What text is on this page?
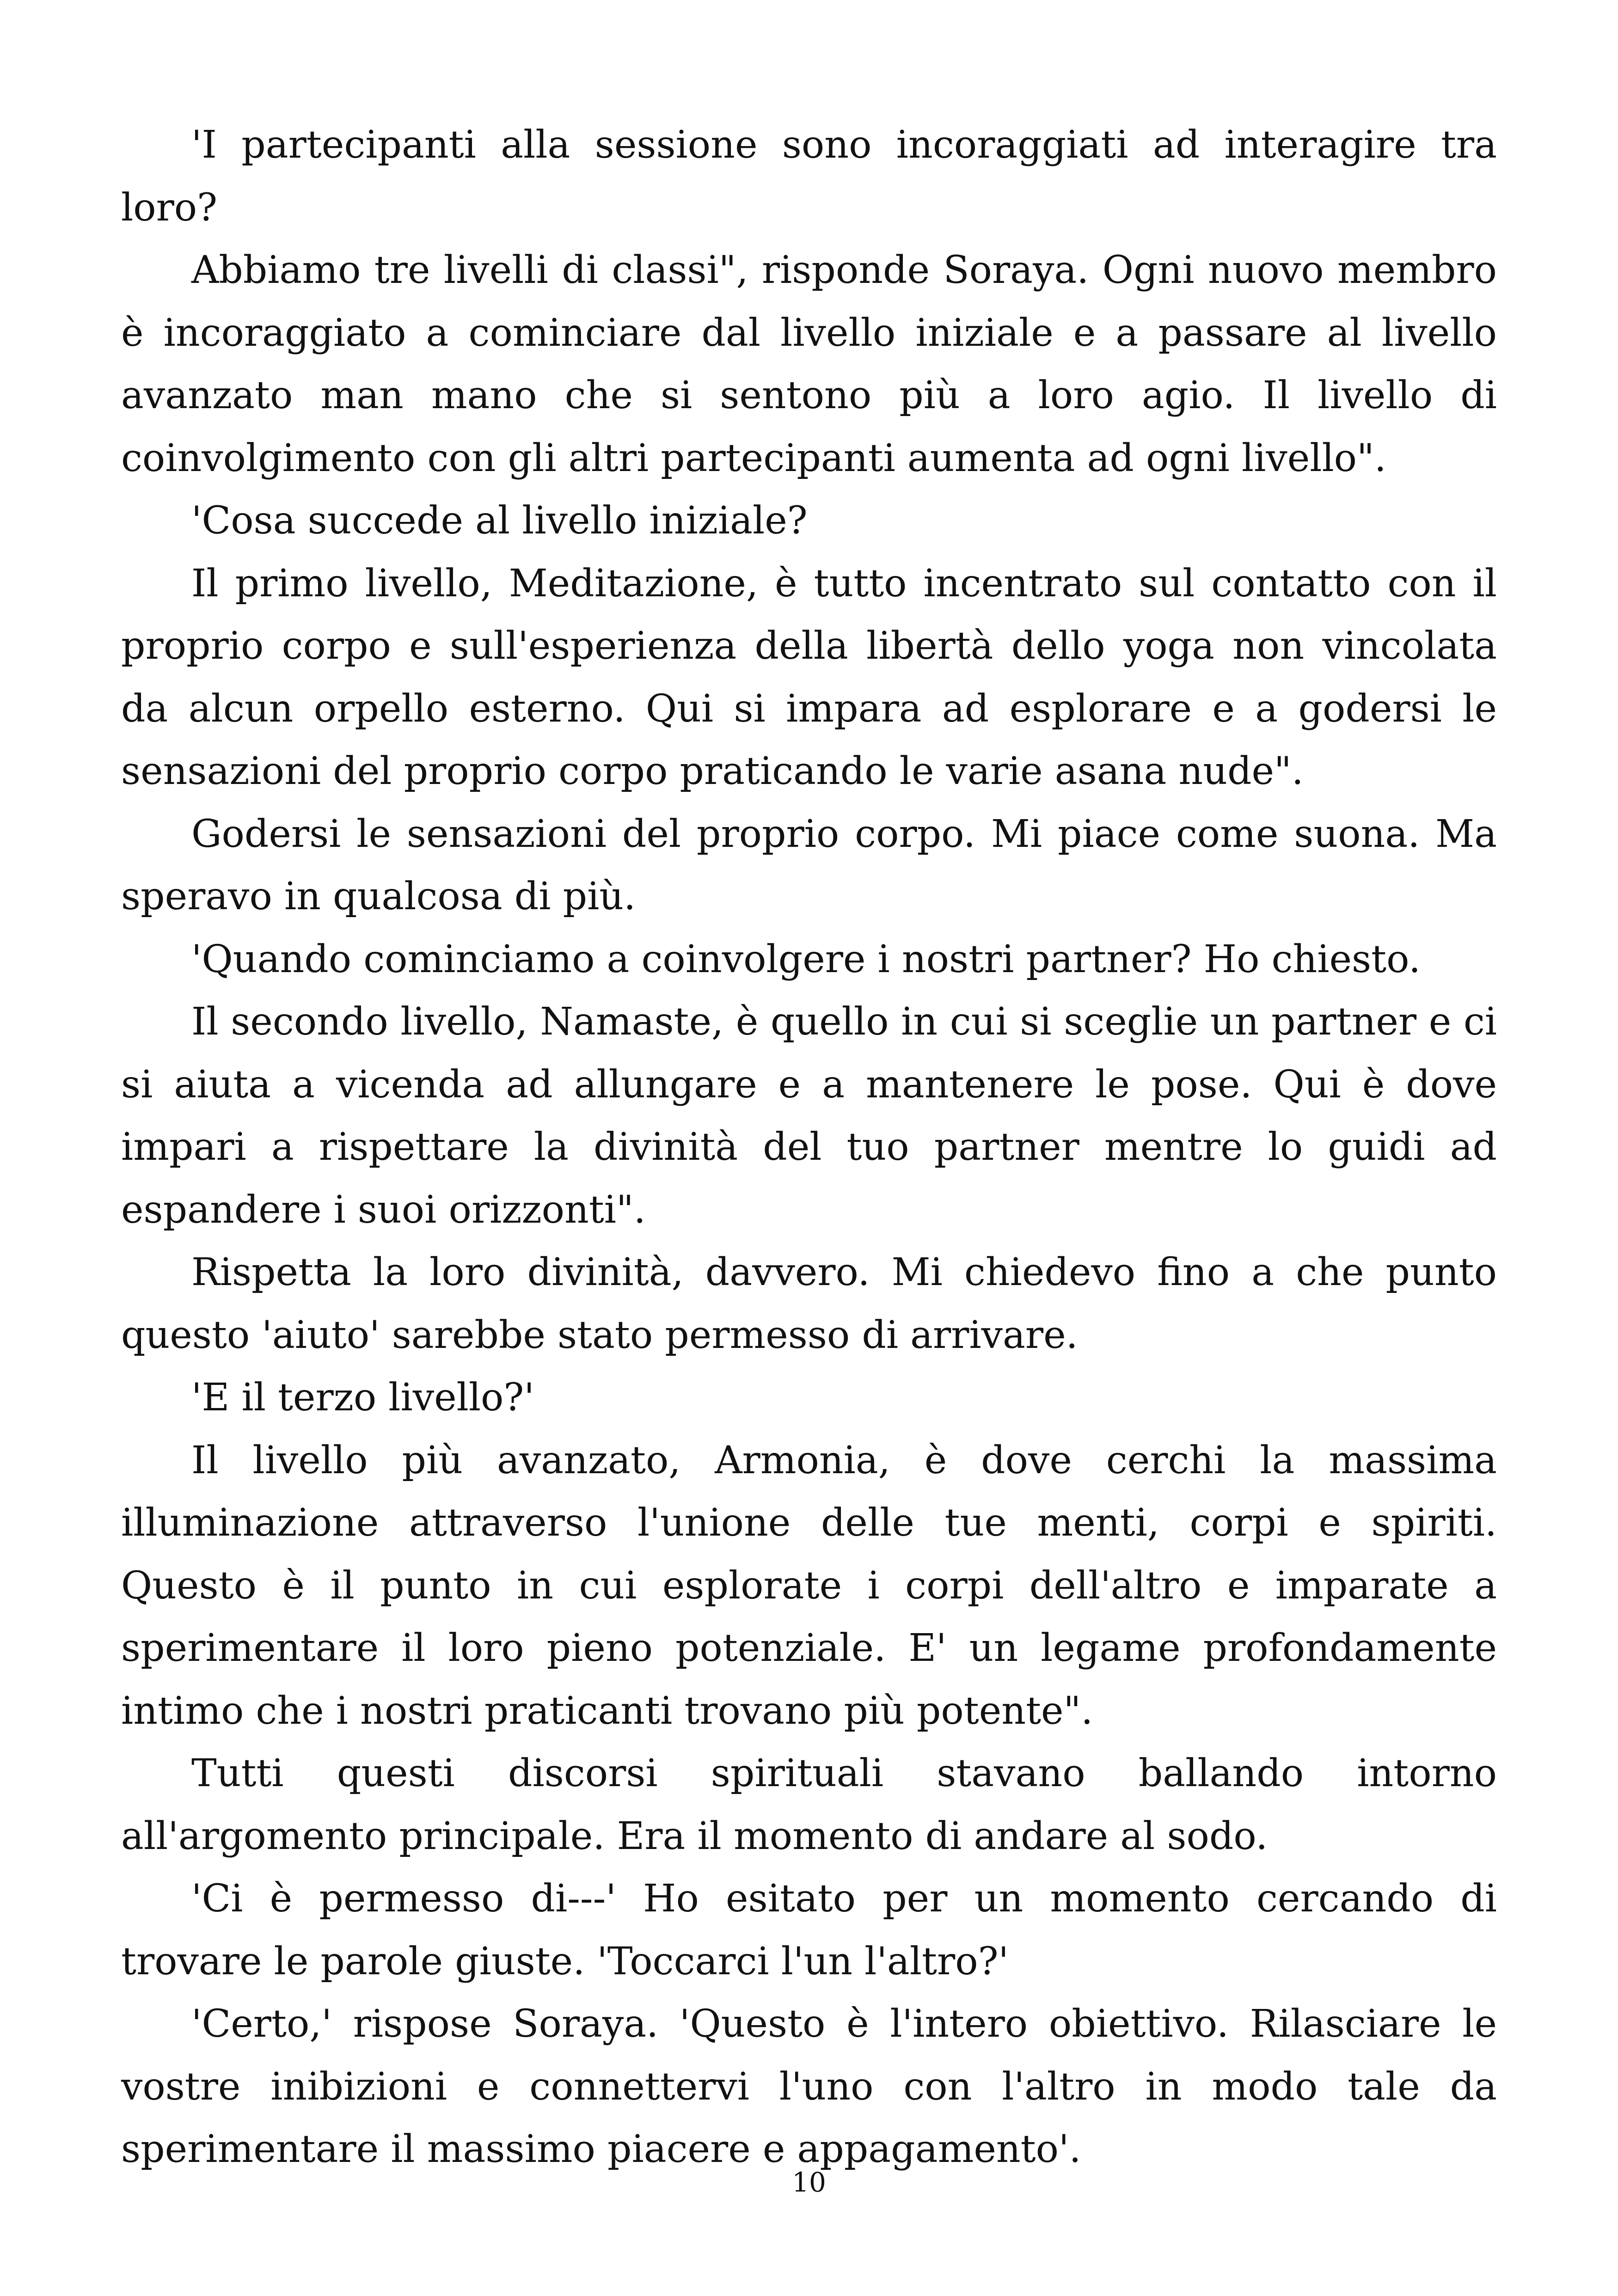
'I partecipanti alla sessione sono incoraggiati ad interagire tra loro?

Abbiamo tre livelli di classi", risponde Soraya. Ogni nuovo membro è incoraggiato a cominciare dal livello iniziale e a passare al livello avanzato man mano che si sentono più a loro agio. Il livello di coinvolgimento con gli altri partecipanti aumenta ad ogni livello".

'Cosa succede al livello iniziale?

Il primo livello, Meditazione, è tutto incentrato sul contatto con il proprio corpo e sull'esperienza della libertà dello yoga non vincolata da alcun orpello esterno. Qui si impara ad esplorare e a godersi le sensazioni del proprio corpo praticando le varie asana nude".

Godersi le sensazioni del proprio corpo. Mi piace come suona. Ma speravo in qualcosa di più.

'Quando cominciamo a coinvolgere i nostri partner? Ho chiesto.

Il secondo livello, Namaste, è quello in cui si sceglie un partner e ci si aiuta a vicenda ad allungare e a mantenere le pose. Qui è dove impari a rispettare la divinità del tuo partner mentre lo guidi ad espandere i suoi orizzonti".

Rispetta la loro divinità, davvero. Mi chiedevo fino a che punto questo 'aiuto' sarebbe stato permesso di arrivare.

'E il terzo livello?'

Il livello più avanzato, Armonia, è dove cerchi la massima illuminazione attraverso l'unione delle tue menti, corpi e spiriti. Questo è il punto in cui esplorate i corpi dell'altro e imparate a sperimentare il loro pieno potenziale. E' un legame profondamente intimo che i nostri praticanti trovano più potente".

Tutti questi discorsi spirituali stavano ballando intorno all'argomento principale. Era il momento di andare al sodo.

'Ci è permesso di---' Ho esitato per un momento cercando di trovare le parole giuste. 'Toccarci l'un l'altro?'

'Certo,' rispose Soraya. 'Questo è l'intero obiettivo. Rilasciare le vostre inibizioni e connettervi l'uno con l'altro in modo tale da sperimentare il massimo piacere e appagamento'.

10
